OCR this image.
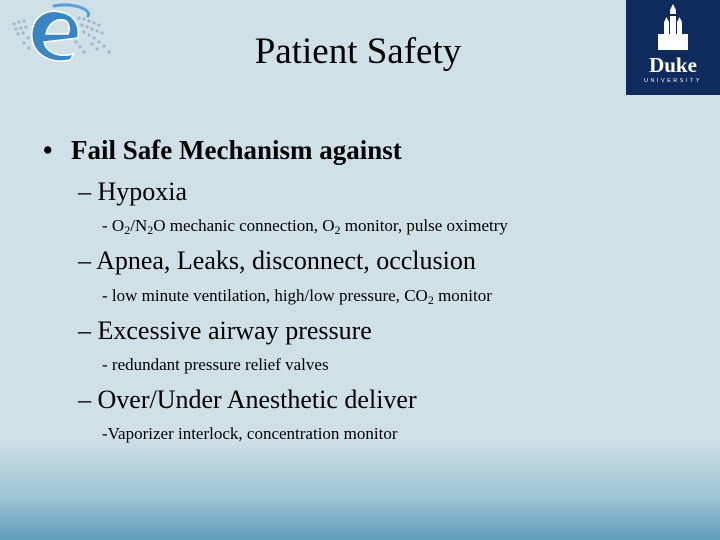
Patient Safety	Duke
UNIVERSITY
• Fail Safe Mechanism against
– Hypoxia
- $O_2/N_2O$ mechanic connection, $O_2$ monitor, pulse oximetry
– Apnea, Leaks, disconnect, occlusion
- low minute ventilation, high/low pressure, $CO_2$ monitor
– Excessive airway pressure
- redundant pressure relief valves
– Over/Under Anesthetic deliver
-Vaporizer interlock, concentration monitor
